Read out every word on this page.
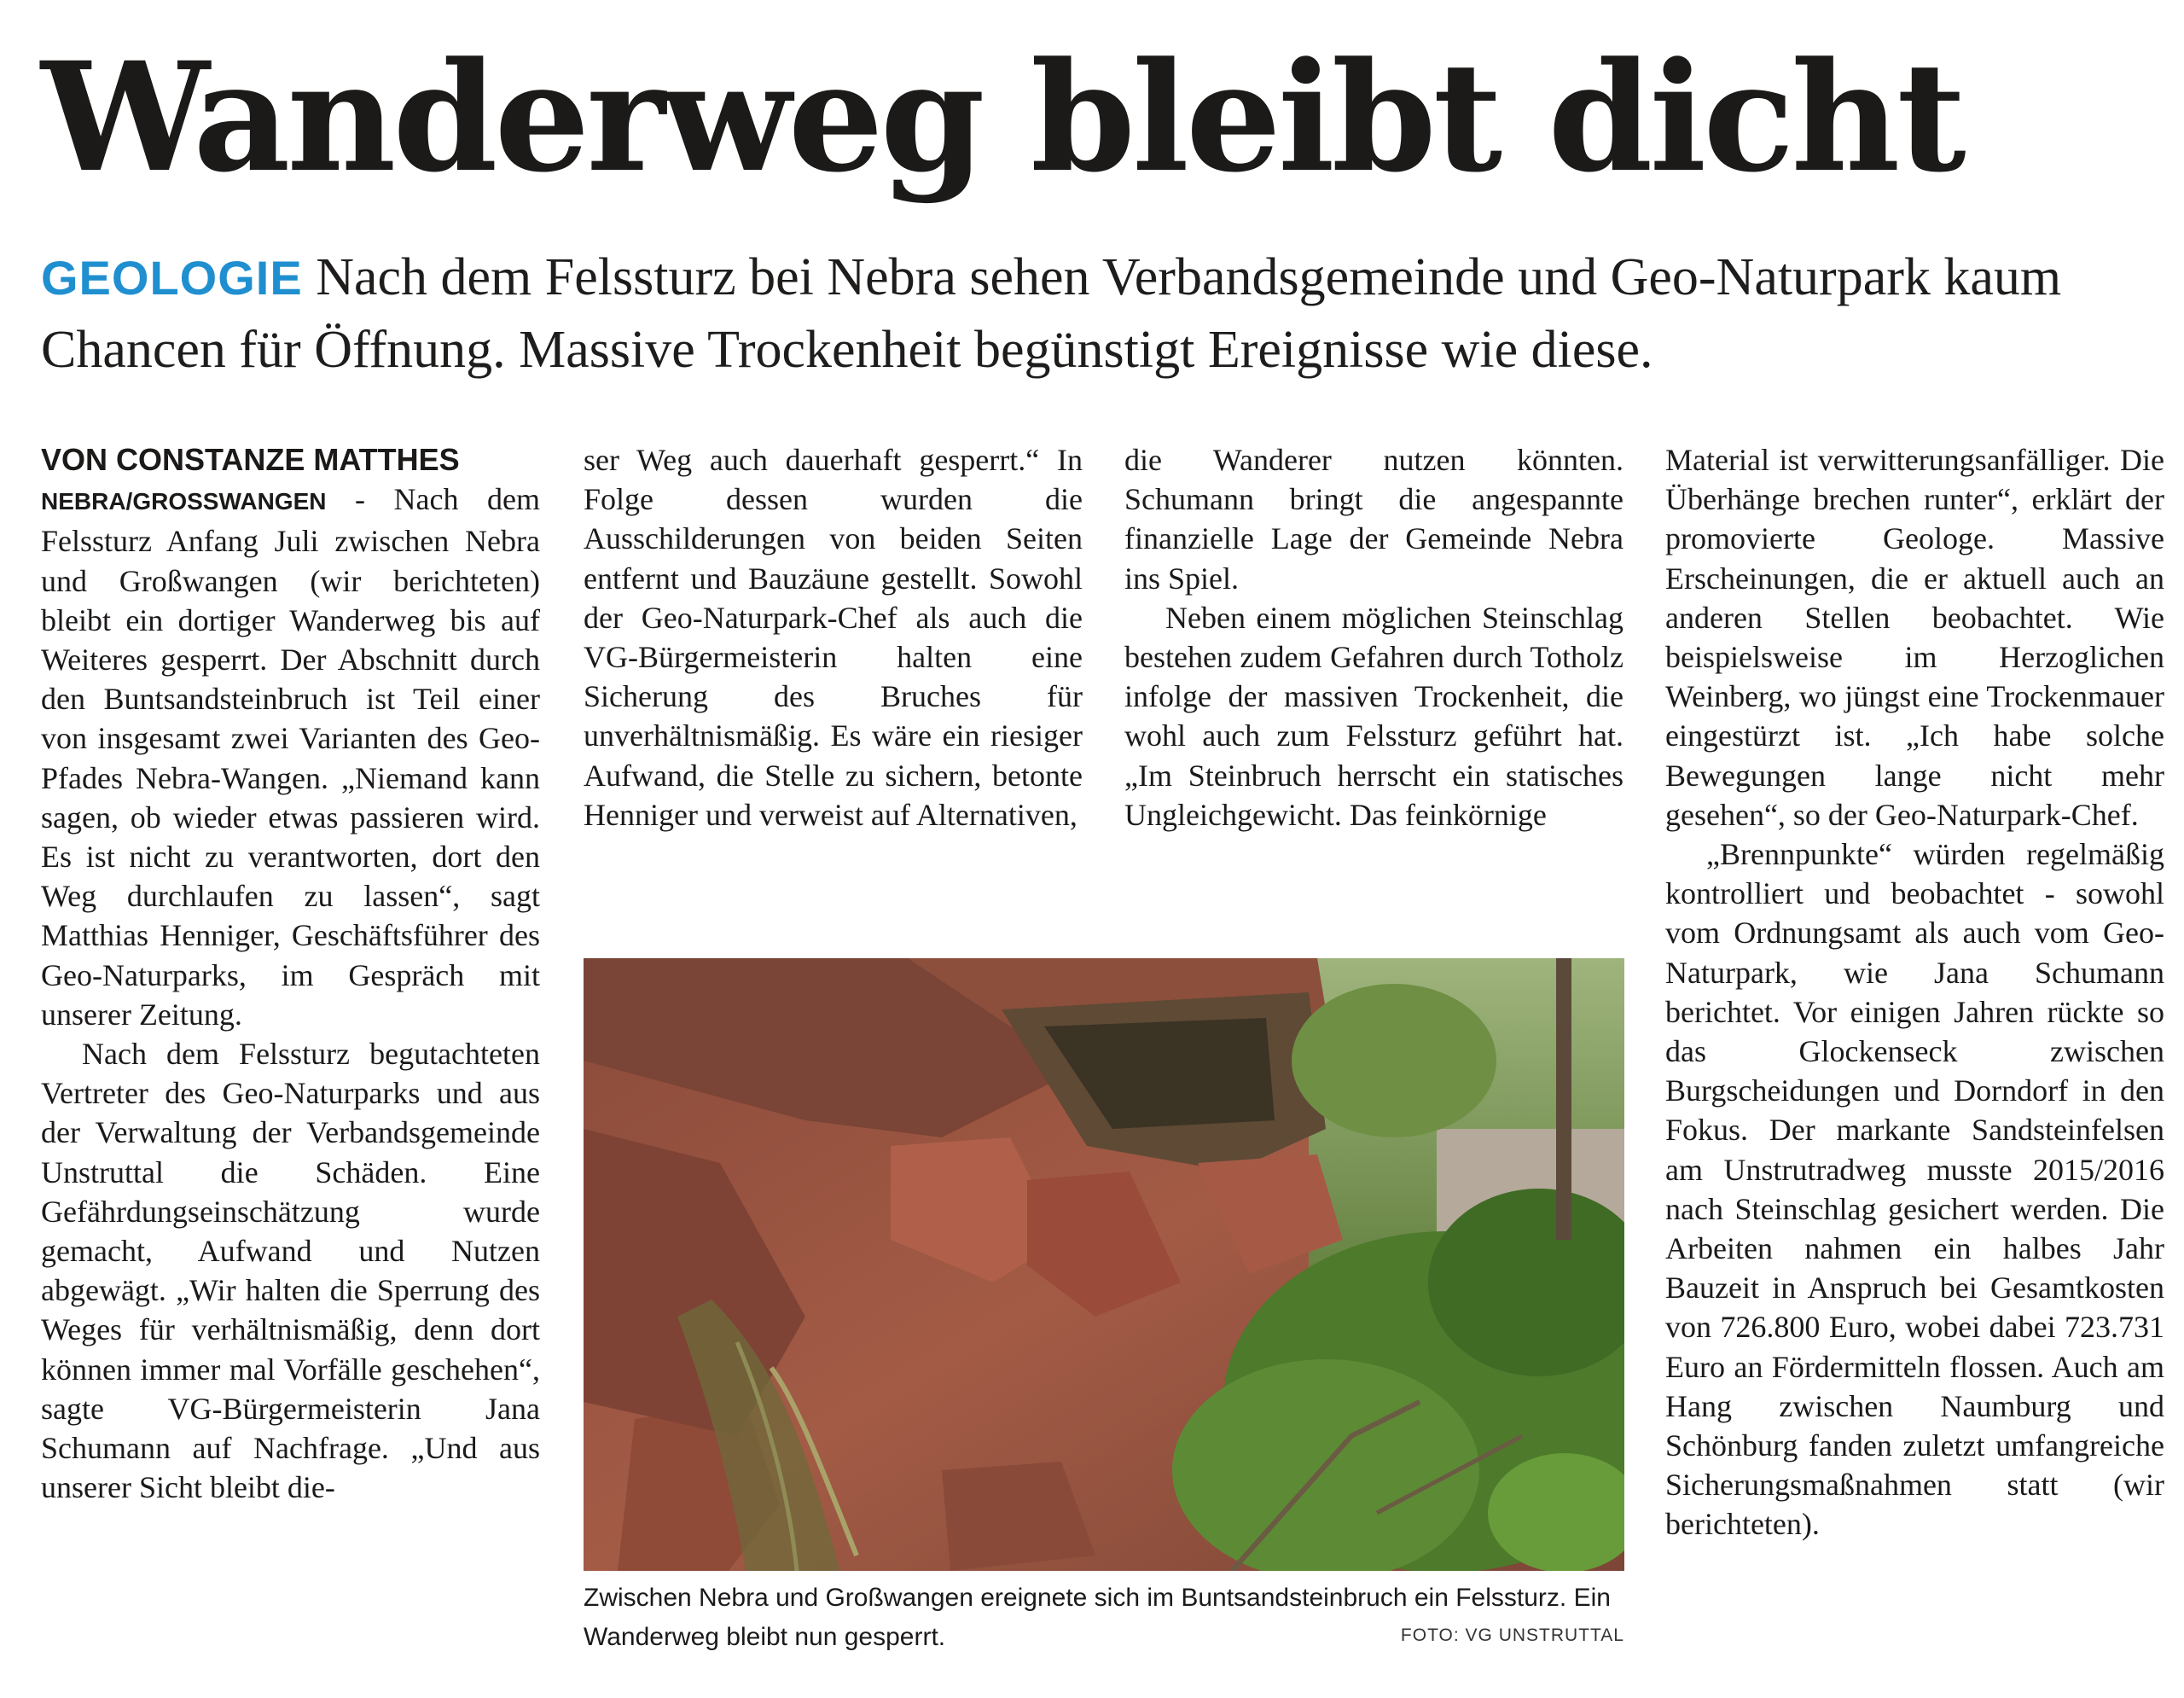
Wanderweg bleibt dicht

GEOLOGIE Nach dem Felssturz bei Nebra sehen Verbandsgemeinde und Geo-Naturpark kaum Chancen für Öffnung. Massive Trockenheit begünstigt Ereignisse wie diese.

VON CONSTANZE MATTHES

NEBRA/GROSSWANGEN - Nach dem Felssturz Anfang Juli zwischen Nebra und Großwangen (wir berichteten) bleibt ein dortiger Wanderweg bis auf Weiteres gesperrt. Der Abschnitt durch den Buntsandsteinbruch ist Teil einer von insgesamt zwei Varianten des Geo-Pfades Nebra-Wangen. „Niemand kann sagen, ob wieder etwas passieren wird. Es ist nicht zu verantworten, dort den Weg durchlaufen zu lassen“, sagt Matthias Henniger, Geschäftsführer des Geo-Naturparks, im Gespräch mit unserer Zeitung.

Nach dem Felssturz begutachteten Vertreter des Geo-Naturparks und aus der Verwaltung der Verbandsgemeinde Unstruttal die Schäden. Eine Gefährdungseinschätzung wurde gemacht, Aufwand und Nutzen abgewägt. „Wir halten die Sperrung des Weges für verhältnismäßig, denn dort können immer mal Vorfälle geschehen“, sagte VG-Bürgermeisterin Jana Schumann auf Nachfrage. „Und aus unserer Sicht bleibt die-

ser Weg auch dauerhaft gesperrt.“ In Folge dessen wurden die Ausschilderungen von beiden Seiten entfernt und Bauzäune gestellt. Sowohl der Geo-Naturpark-Chef als auch die VG-Bürgermeisterin halten eine Sicherung des Bruches für unverhältnismäßig. Es wäre ein riesiger Aufwand, die Stelle zu sichern, betonte Henniger und verweist auf Alternativen,

die Wanderer nutzen könnten. Schumann bringt die angespannte finanzielle Lage der Gemeinde Nebra ins Spiel.

Neben einem möglichen Steinschlag bestehen zudem Gefahren durch Totholz infolge der massiven Trockenheit, die wohl auch zum Felssturz geführt hat. „Im Steinbruch herrscht ein statisches Ungleichgewicht. Das feinkörnige

Material ist verwitterungsanfälliger. Die Überhänge brechen runter“, erklärt der promovierte Geologe. Massive Erscheinungen, die er aktuell auch an anderen Stellen beobachtet. Wie beispielsweise im Herzoglichen Weinberg, wo jüngst eine Trockenmauer eingestürzt ist. „Ich habe solche Bewegungen lange nicht mehr gesehen“, so der Geo-Naturpark-Chef.

„Brennpunkte“ würden regelmäßig kontrolliert und beobachtet - sowohl vom Ordnungsamt als auch vom Geo-Naturpark, wie Jana Schumann berichtet. Vor einigen Jahren rückte so das Glockenseck zwischen Burgscheidungen und Dorndorf in den Fokus. Der markante Sandsteinfelsen am Unstrutradweg musste 2015/2016 nach Steinschlag gesichert werden. Die Arbeiten nahmen ein halbes Jahr Bauzeit in Anspruch bei Gesamtkosten von 726.800 Euro, wobei dabei 723.731 Euro an Fördermitteln flossen. Auch am Hang zwischen Naumburg und Schönburg fanden zuletzt umfangreiche Sicherungsmaßnahmen statt (wir berichteten).

Zwischen Nebra und Großwangen ereignete sich im Buntsandsteinbruch ein Felssturz. Ein Wanderweg bleibt nun gesperrt.	FOTO: VG UNSTRUTTAL
